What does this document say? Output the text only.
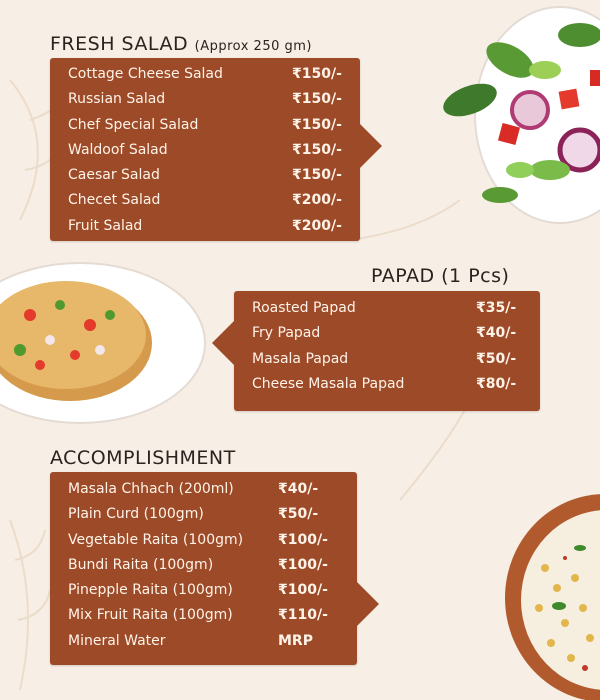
FRESH SALAD (Approx 250 gm)
Cottage Cheese Salad	₹150/-
Russian Salad	₹150/-
Chef Special Salad	₹150/-
Waldoof Salad	₹150/-
Caesar Salad	₹150/-
Checet Salad	₹200/-
Fruit Salad	₹200/-
PAPAD (1 Pcs)
Roasted Papad	₹35/-
Fry Papad	₹40/-
Masala Papad	₹50/-
Cheese Masala Papad	₹80/-
ACCOMPLISHMENT
Masala Chhach (200ml)	₹40/-
Plain Curd (100gm)	₹50/-
Vegetable Raita (100gm) ₹100/-
Bundi Raita (100gm)	₹100/-
Pinepple Raita (100gm)	₹100/-
Mix Fruit Raita (100gm)	₹110/-
Mineral Water	MRP
